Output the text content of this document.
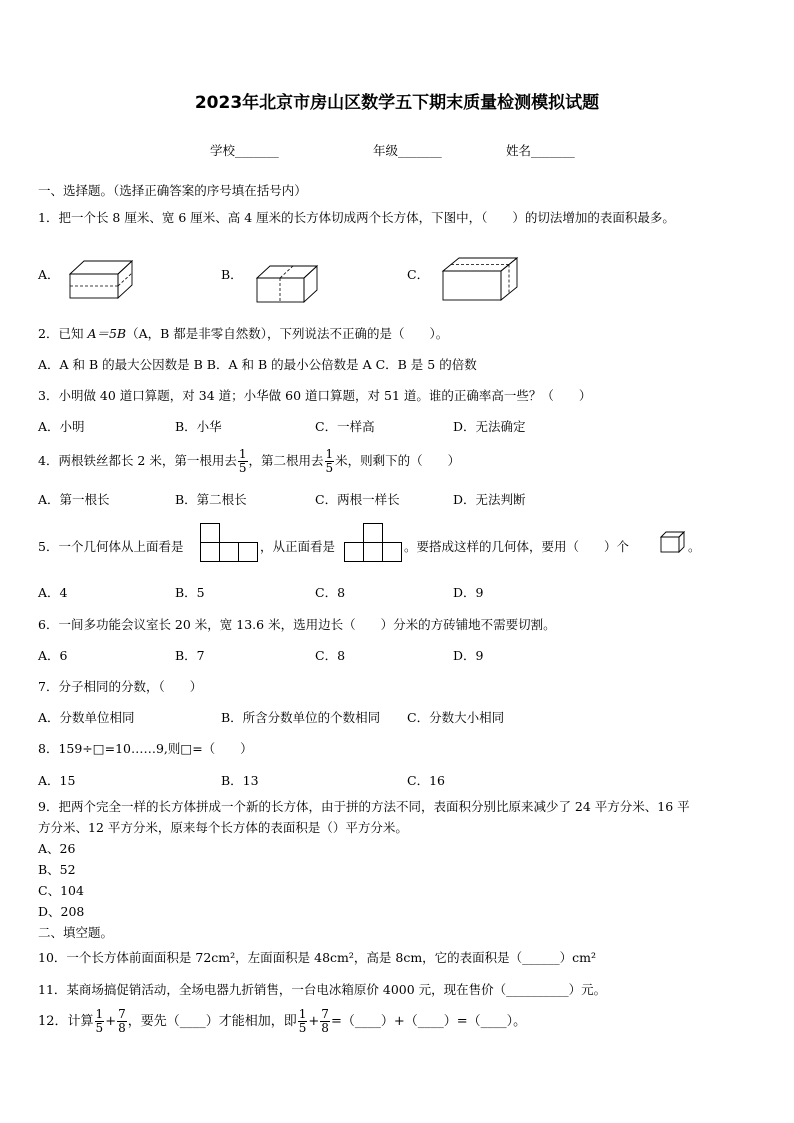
2023年北京市房山区数学五下期末质量检测模拟试题
学校_______	年级_______	姓名_______
一、选择题。（选择正确答案的序号填在括号内）
1．把一个长 8 厘米、宽 6 厘米、高 4 厘米的长方体切成两个长方体，下图中，（　　）的切法增加的表面积最多。
A．	B．	C．
2．已知 A＝5B（A，B 都是非零自然数），下列说法不正确的是（　　）。
A．A 和 B 的最大公因数是 B B．A 和 B 的最小公倍数是 A C．B 是 5 的倍数
3．小明做 40 道口算题，对 34 道；小华做 60 道口算题，对 51 道。谁的正确率高一些？（　　）
A．小明	B．小华	C．一样高	D．无法确定
4．两根铁丝都长 2 米，第一根用去 $\frac{1}{5}$ ，第二根用去 $\frac{1}{5}$ 米，则剩下的（　　）
A．第一根长	B．第二根长	C．两根一样长	D．无法判断
5．一个几何体从上面看是	，从正面看是	。要搭成这样的几何体，要用（　　）个	。
A．4	B．5	C．8	D．9
6．一间多功能会议室长 20 米，宽 13.6 米，选用边长（　　）分米的方砖铺地不需要切割。
A．6	B．7	C．8	D．9
7．分子相同的分数，（　　）
A．分数单位相同	B．所含分数单位的个数相同 C．分数大小相同
8．159÷□=10……9,则□=（　　）
A．15	B．13	C．16
9．把两个完全一样的长方体拼成一个新的长方体，由于拼的方法不同，表面积分别比原来减少了 24 平方分米、16 平
方分米、12 平方分米，原来每个长方体的表面积是（）平方分米。
A、26
B、52
C、104
D、208
二、填空题。
10．一个长方体前面面积是 72cm²，左面面积是 48cm²，高是 8cm，它的表面积是（______）cm²
11．某商场搞促销活动，全场电器九折销售，一台电冰箱原价 4000 元，现在售价（__________）元。
12．计算 $\frac{1}{5} + \frac{7}{8}$ ，要先（____）才能相加，即 $\frac{1}{5} + \frac{7}{8}$ =（____）+（____）=（____）。
